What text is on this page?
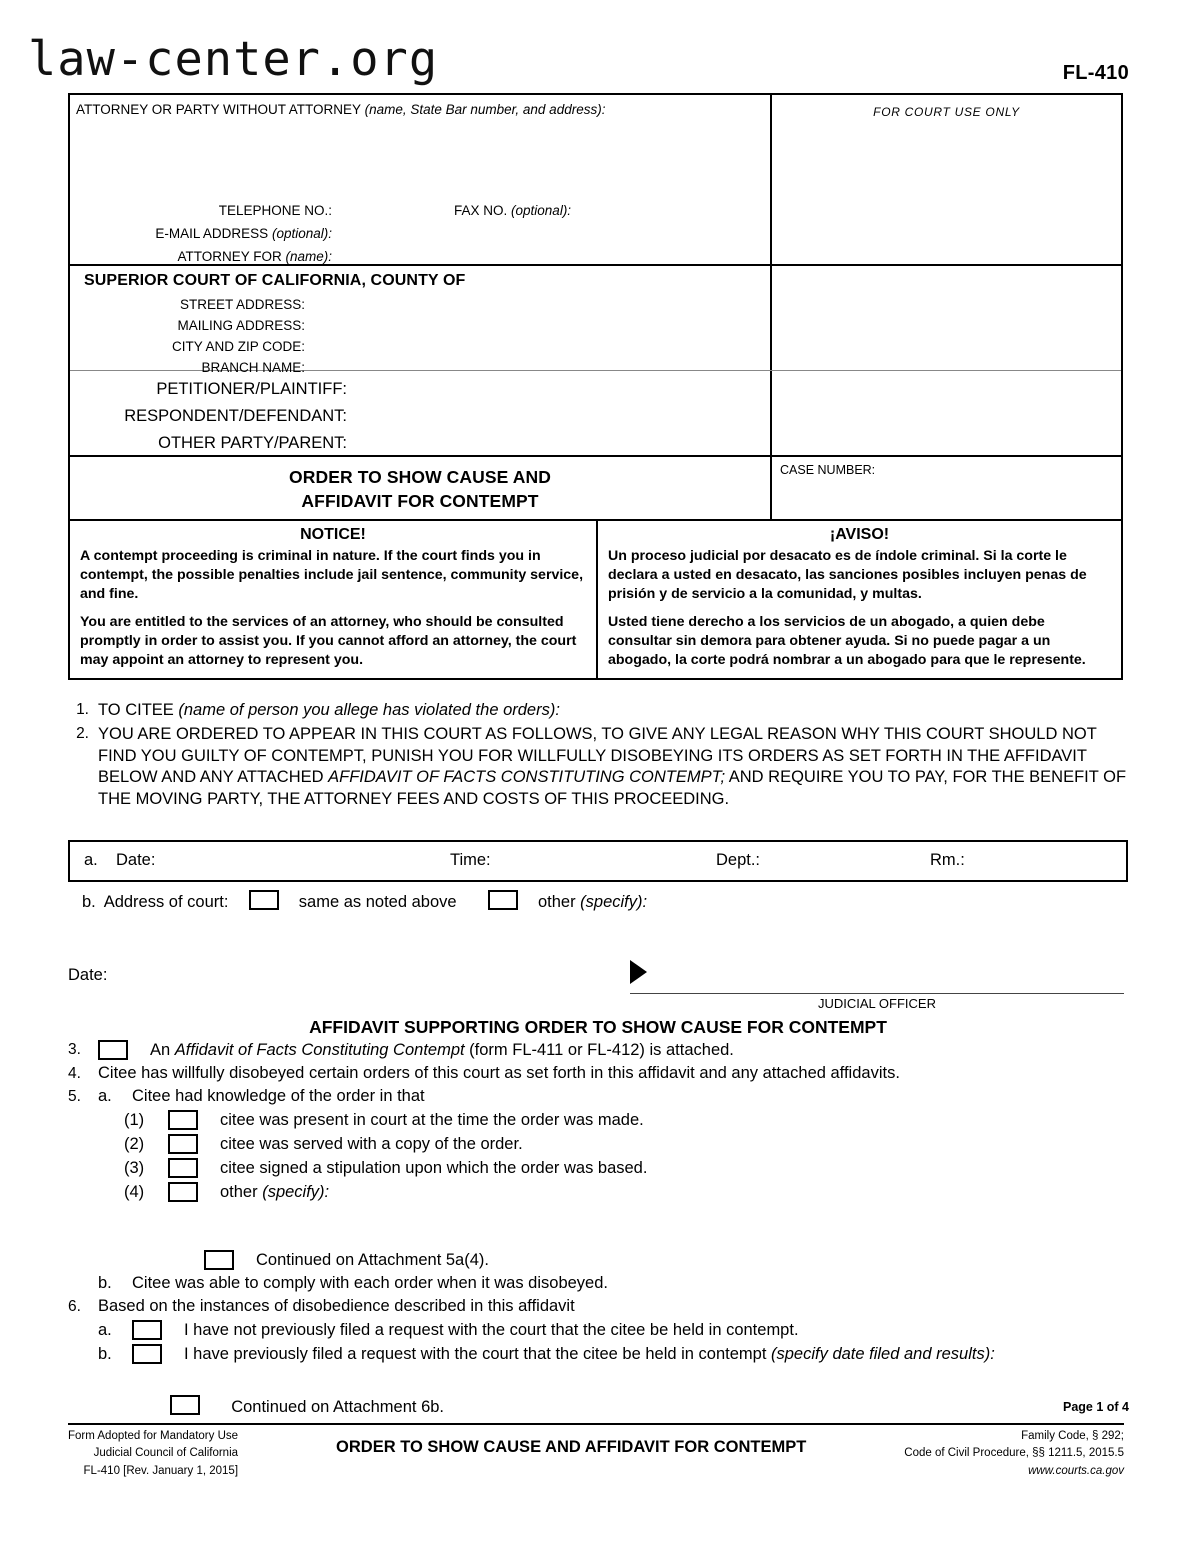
law-center.org	FL-410
ATTORNEY OR PARTY WITHOUT ATTORNEY (name, State Bar number, and address):
TELEPHONE NO.:	FAX NO. (optional):
E-MAIL ADDRESS (optional):
ATTORNEY FOR (name):
FOR COURT USE ONLY
SUPERIOR COURT OF CALIFORNIA, COUNTY OF
STREET ADDRESS:
MAILING ADDRESS:
CITY AND ZIP CODE:
BRANCH NAME:
PETITIONER/PLAINTIFF:
RESPONDENT/DEFENDANT:
OTHER PARTY/PARENT:
ORDER TO SHOW CAUSE AND
AFFIDAVIT FOR CONTEMPT
CASE NUMBER:
NOTICE!

A contempt proceeding is criminal in nature. If the court finds you in contempt, the possible penalties include jail sentence, community service, and fine.

You are entitled to the services of an attorney, who should be consulted promptly in order to assist you. If you cannot afford an attorney, the court may appoint an attorney to represent you.

¡AVISO!

Un proceso judicial por desacato es de índole criminal. Si la corte le declara a usted en desacato, las sanciones posibles incluyen penas de prisión y de servicio a la comunidad, y multas.

Usted tiene derecho a los servicios de un abogado, a quien debe consultar sin demora para obtener ayuda. Si no puede pagar a un abogado, la corte podrá nombrar a un abogado para que le represente.

1. TO CITEE (name of person you allege has violated the orders):
2. YOU ARE ORDERED TO APPEAR IN THIS COURT AS FOLLOWS, TO GIVE ANY LEGAL REASON WHY THIS COURT SHOULD NOT FIND YOU GUILTY OF CONTEMPT, PUNISH YOU FOR WILLFULLY DISOBEYING ITS ORDERS AS SET FORTH IN THE AFFIDAVIT BELOW AND ANY ATTACHED AFFIDAVIT OF FACTS CONSTITUTING CONTEMPT; AND REQUIRE YOU TO PAY, FOR THE BENEFIT OF THE MOVING PARTY, THE ATTORNEY FEES AND COSTS OF THIS PROCEEDING.
a. Date:	Time:	Dept.:	Rm.:
b. Address of court:	same as noted above	other (specify):
Date:
JUDICIAL OFFICER
AFFIDAVIT SUPPORTING ORDER TO SHOW CAUSE FOR CONTEMPT
3.	An Affidavit of Facts Constituting Contempt (form FL-411 or FL-412) is attached.
4.	Citee has willfully disobeyed certain orders of this court as set forth in this affidavit and any attached affidavits.
5.	a.	Citee had knowledge of the order in that
(1)	citee was present in court at the time the order was made.
(2)	citee was served with a copy of the order.
(3)	citee signed a stipulation upon which the order was based.
(4)	other (specify):
Continued on Attachment 5a(4).
b.	Citee was able to comply with each order when it was disobeyed.
6.	Based on the instances of disobedience described in this affidavit
a.	I have not previously filed a request with the court that the citee be held in contempt.
b.	I have previously filed a request with the court that the citee be held in contempt (specify date filed and results):
Continued on Attachment 6b.	Page 1 of 4
Form Adopted for Mandatory Use
Judicial Council of California
FL-410 [Rev. January 1, 2015]
ORDER TO SHOW CAUSE AND AFFIDAVIT FOR CONTEMPT
Family Code, § 292;
Code of Civil Procedure, §§ 1211.5, 2015.5
www.courts.ca.gov
